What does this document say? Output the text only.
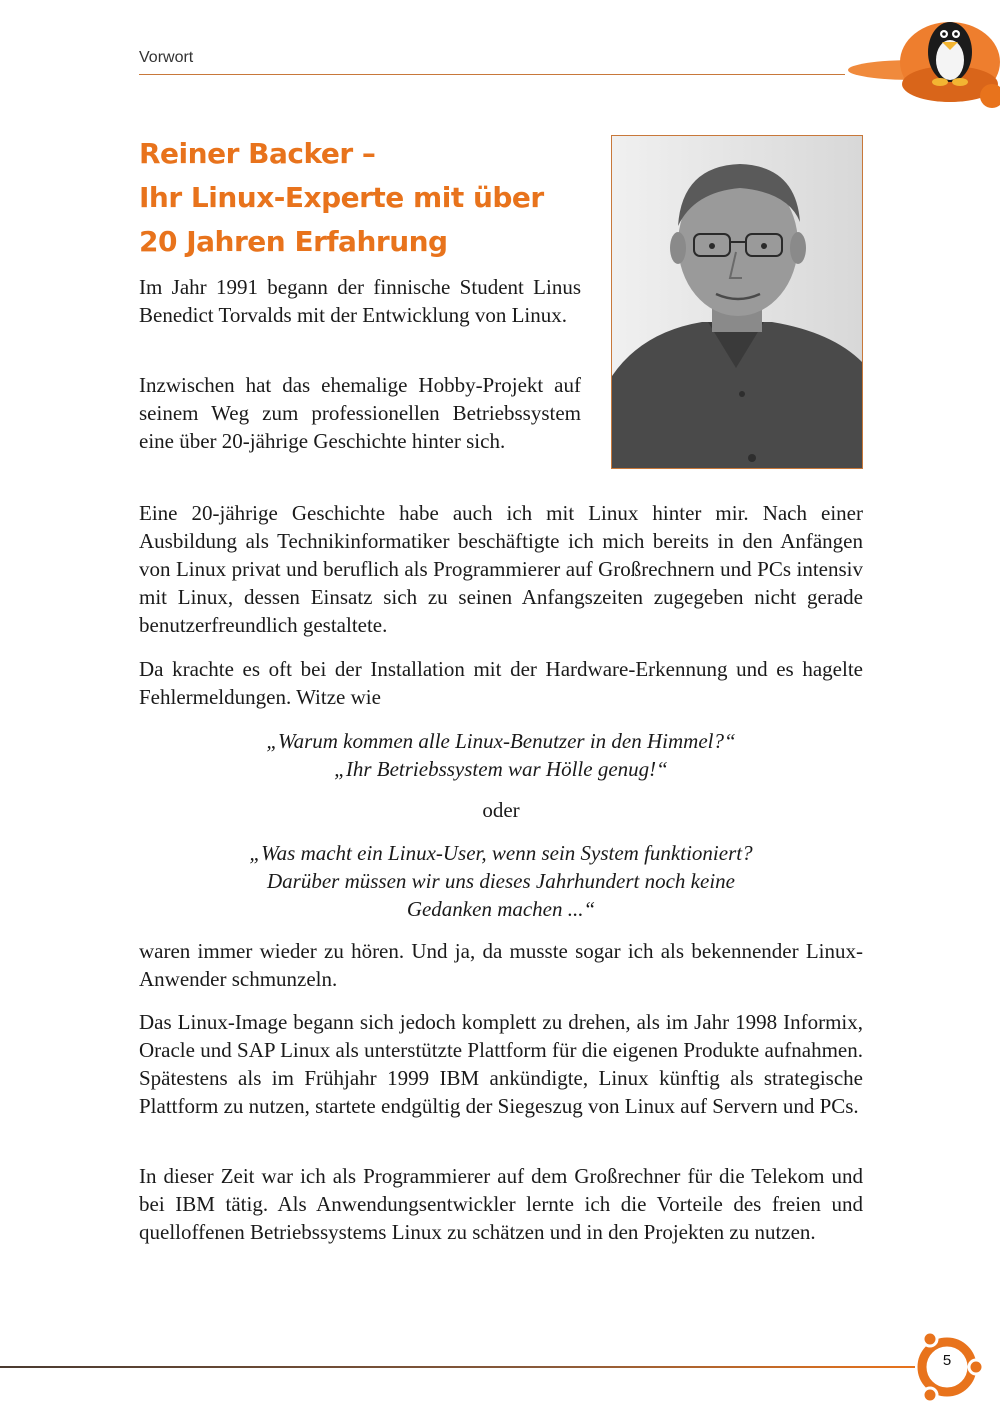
Vorwort
Reiner Backer –
Ihr Linux-Experte mit über
20 Jahren Erfahrung

Im Jahr 1991 begann der finnische Student Linus Benedict Torvalds mit der Entwicklung von Linux.

Inzwischen hat das ehemalige Hobby-Projekt auf seinem Weg zum professionellen Betriebssystem eine über 20-jährige Geschichte hinter sich.

Eine 20-jährige Geschichte habe auch ich mit Linux hinter mir. Nach einer Ausbildung als Technikinformatiker beschäftigte ich mich bereits in den Anfängen von Linux privat und beruflich als Programmierer auf Großrechnern und PCs intensiv mit Linux, dessen Einsatz sich zu seinen Anfangszeiten zugegeben nicht gerade benutzerfreundlich gestaltete.

Da krachte es oft bei der Installation mit der Hardware-Erkennung und es hagelte Fehlermeldungen. Witze wie

„Warum kommen alle Linux-Benutzer in den Himmel?“
„Ihr Betriebssystem war Hölle genug!“

oder

„Was macht ein Linux-User, wenn sein System funktioniert?
Darüber müssen wir uns dieses Jahrhundert noch keine
Gedanken machen ...“

waren immer wieder zu hören. Und ja, da musste sogar ich als bekennender Linux-Anwender schmunzeln.

Das Linux-Image begann sich jedoch komplett zu drehen, als im Jahr 1998 Informix, Oracle und SAP Linux als unterstützte Plattform für die eigenen Produkte aufnahmen. Spätestens als im Frühjahr 1999 IBM ankündigte, Linux künftig als strategische Plattform zu nutzen, startete endgültig der Siegeszug von Linux auf Servern und PCs.

In dieser Zeit war ich als Programmierer auf dem Großrechner für die Telekom und bei IBM tätig. Als Anwendungsentwickler lernte ich die Vorteile des freien und quelloffenen Betriebssystems Linux zu schätzen und in den Projekten zu nutzen.

5
